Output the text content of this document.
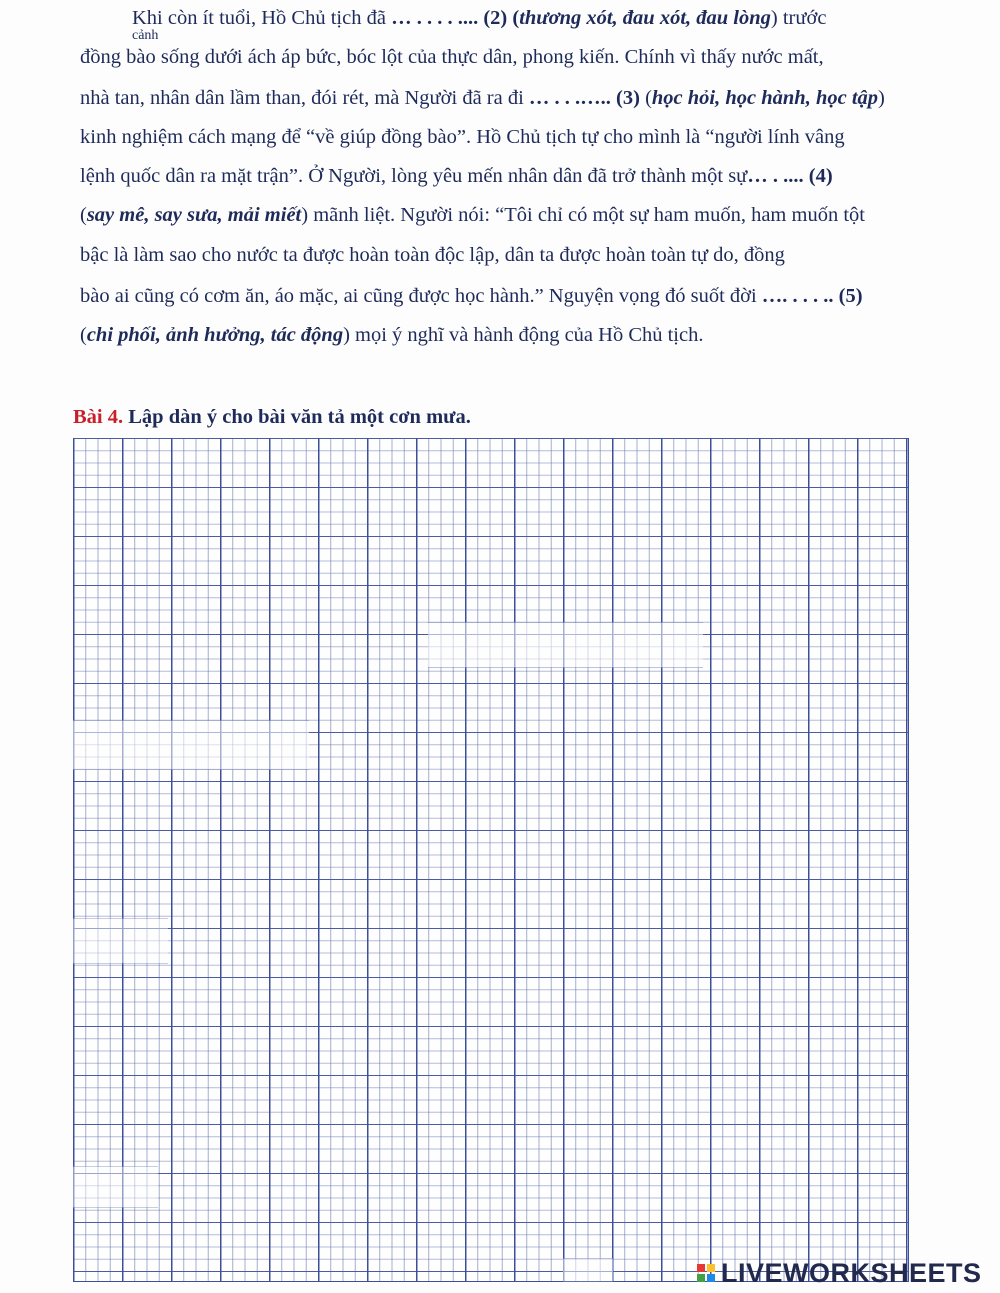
cảnh
Khi còn ít tuổi, Hồ Chủ tịch đã … . . . . .... (2) (thương xót, đau xót, đau lòng) trước
đồng bào sống dưới ách áp bức, bóc lột của thực dân, phong kiến. Chính vì thấy nước mất,
nhà tan, nhân dân lầm than, đói rét, mà Người đã ra đi … . . .….. (3) (học hỏi, học hành, học tập)
kinh nghiệm cách mạng để “về giúp đồng bào”. Hồ Chủ tịch tự cho mình là “người lính vâng
lệnh quốc dân ra mặt trận”. Ở Người, lòng yêu mến nhân dân đã trở thành một sự… . .... (4)
(say mê, say sưa, mải miết) mãnh liệt. Người nói: “Tôi chỉ có một sự ham muốn, ham muốn tột
bậc là làm sao cho nước ta được hoàn toàn độc lập, dân ta được hoàn toàn tự do, đồng
bào ai cũng có cơm ăn, áo mặc, ai cũng được học hành.” Nguyện vọng đó suốt đời …. . . . .. (5)
(chi phối, ảnh hưởng, tác động) mọi ý nghĩ và hành động của Hồ Chủ tịch.
Bài 4. Lập dàn ý cho bài văn tả một cơn mưa.
LIVEWORKSHEETS
